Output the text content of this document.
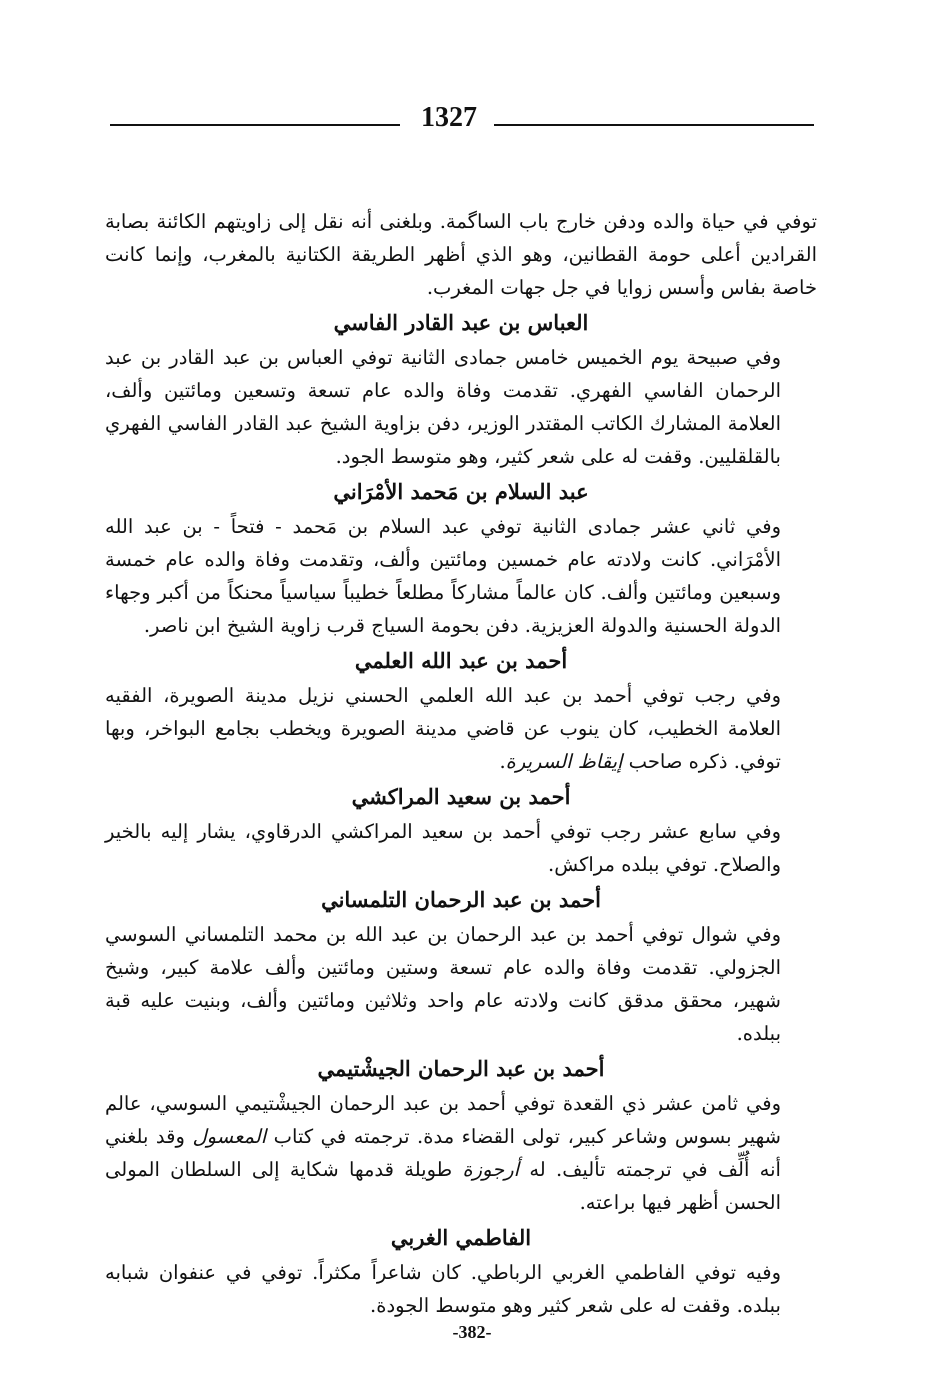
1327

توفي في حياة والده ودفن خارج باب الساگمة. وبلغنى أنه نقل إلى زاويتهم الكائنة بصابة القرادين أعلى حومة القطانين، وهو الذي أظهر الطريقة الكتانية بالمغرب، وإنما كانت خاصة بفاس وأسس زوايا في جل جهات المغرب.

العباس بن عبد القادر الفاسي

وفي صبيحة يوم الخميس خامس جمادى الثانية توفي العباس بن عبد القادر بن عبد الرحمان الفاسي الفهري. تقدمت وفاة والده عام تسعة وتسعين ومائتين وألف، العلامة المشارك الكاتب المقتدر الوزير، دفن بزاوية الشيخ عبد القادر الفاسي الفهري بالقلقليين. وقفت له على شعر كثير، وهو متوسط الجود.

عبد السلام بن مَحمد الأمْرَاني

وفي ثاني عشر جمادى الثانية توفي عبد السلام بن مَحمد - فتحاً - بن عبد الله الأمْرَاني. كانت ولادته عام خمسين ومائتين وألف، وتقدمت وفاة والده عام خمسة وسبعين ومائتين وألف. كان عالماً مشاركاً مطلعاً خطيباً سياسياً محنكاً من أكبر وجهاء الدولة الحسنية والدولة العزيزية. دفن بحومة السياج قرب زاوية الشيخ ابن ناصر.

أحمد بن عبد الله العلمي

وفي رجب توفي أحمد بن عبد الله العلمي الحسني نزيل مدينة الصويرة، الفقيه العلامة الخطيب، كان ينوب عن قاضي مدينة الصويرة ويخطب بجامع البواخر، وبها توفي. ذكره صاحب إيقاظ السريرة.

أحمد بن سعيد المراكشي

وفي سابع عشر رجب توفي أحمد بن سعيد المراكشي الدرقاوي، يشار إليه بالخير والصلاح. توفي ببلده مراكش.

أحمد بن عبد الرحمان التلمساني

وفي شوال توفي أحمد بن عبد الرحمان بن عبد الله بن محمد التلمساني السوسي الجزولي. تقدمت وفاة والده عام تسعة وستين ومائتين وألف علامة كبير، وشيخ شهير، محقق مدقق كانت ولادته عام واحد وثلاثين ومائتين وألف، وبنيت عليه قبة ببلده.

أحمد بن عبد الرحمان الجيشْتيمي

وفي ثامن عشر ذي القعدة توفي أحمد بن عبد الرحمان الجيشْتيمي السوسي، عالم شهير بسوس وشاعر كبير، تولى القضاء مدة. ترجمته في كتاب المعسول وقد بلغني أنه أُلِّف في ترجمته تأليف. له أرجوزة طويلة قدمها شكاية إلى السلطان المولى الحسن أظهر فيها براعته.

الفاطمي الغربي

وفيه توفي الفاطمي الغربي الرباطي. كان شاعراً مكثراً. توفي في عنفوان شبابه ببلده. وقفت له على شعر كثير وهو متوسط الجودة.

-382-
